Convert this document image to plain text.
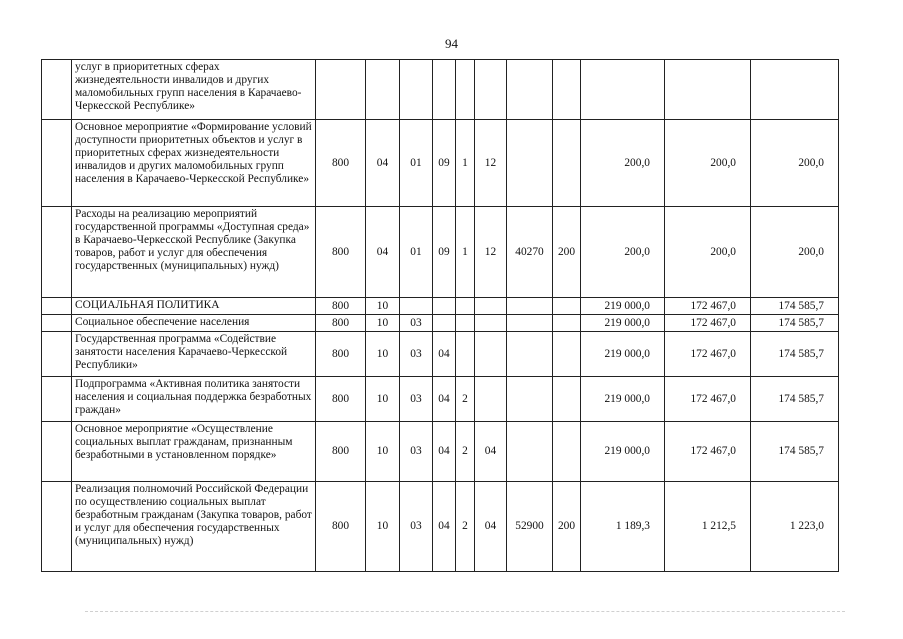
94
	услуг в приоритетных сферах жизнедеятельности инвалидов и других маломобильных групп населения в Карачаево-Черкесской Республике»											
	Основное мероприятие «Формирование условий доступности приоритетных объектов и услуг в приоритетных сферах жизнедеятельности инвалидов и других маломобильных групп населения в Карачаево-Черкесской Республике»	800	04	01	09	1	12			200,0	200,0	200,0
	Расходы на реализацию мероприятий государственной программы «Доступная среда» в Карачаево-Черкесской Республике (Закупка товаров, работ и услуг для обеспечения государственных (муниципальных) нужд)	800	04	01	09	1	12	40270	200	200,0	200,0	200,0
	СОЦИАЛЬНАЯ ПОЛИТИКА	800	10							219 000,0	172 467,0	174 585,7
	Социальное обеспечение населения	800	10	03						219 000,0	172 467,0	174 585,7
	Государственная программа «Содействие занятости населения Карачаево-Черкесской Республики»	800	10	03	04					219 000,0	172 467,0	174 585,7
	Подпрограмма «Активная политика занятости населения и социальная поддержка безработных граждан»	800	10	03	04	2				219 000,0	172 467,0	174 585,7
	Основное мероприятие «Осуществление социальных выплат гражданам, признанным безработными в установленном порядке»	800	10	03	04	2	04			219 000,0	172 467,0	174 585,7
	Реализация полномочий Российской Федерации по осуществлению социальных выплат безработным гражданам (Закупка товаров, работ и услуг для обеспечения государственных (муниципальных) нужд)	800	10	03	04	2	04	52900	200	1 189,3	1 212,5	1 223,0
